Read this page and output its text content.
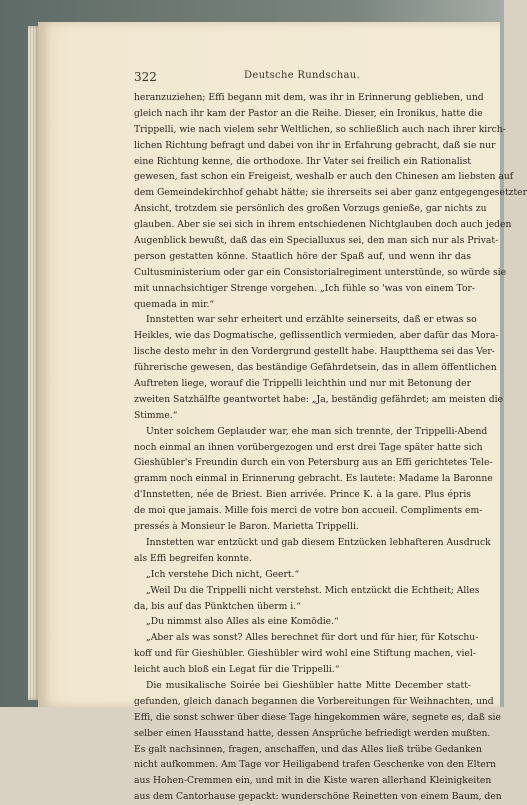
322	Deutsche Rundschau.
heranzuziehen; Effi begann mit dem, was ihr in Erinnerung geblieben, und
gleich nach ihr kam der Pastor an die Reihe. Dieser, ein Ironikus, hatte die
Trippelli, wie nach vielem sehr Weltlichen, so schließlich auch nach ihrer kirch-
lichen Richtung befragt und dabei von ihr in Erfahrung gebracht, daß sie nur
eine Richtung kenne, die orthodoxe. Ihr Vater sei freilich ein Rationalist
gewesen, fast schon ein Freigeist, weshalb er auch den Chinesen am liebsten auf
dem Gemeindekirchhof gehabt hätte; sie ihrerseits sei aber ganz entgegengesetzter
Ansicht, trotzdem sie persönlich des großen Vorzugs genieße, gar nichts zu
glauben. Aber sie sei sich in ihrem entschiedenen Nichtglauben doch auch jeden
Augenblick bewußt, daß das ein Specialluxus sei, den man sich nur als Privat-
person gestatten könne. Staatlich höre der Spaß auf, und wenn ihr das
Cultusministerium oder gar ein Consistorialregiment unterstünde, so würde sie
mit unnachsichtiger Strenge vorgehen. „Ich fühle so 'was von einem Tor-
quemada in mir.“
Innstetten war sehr erheitert und erzählte seinerseits, daß er etwas so
Heikles, wie das Dogmatische, geflissentlich vermieden, aber dafür das Mora-
lische desto mehr in den Vordergrund gestellt habe. Hauptthema sei das Ver-
führerische gewesen, das beständige Gefährdetsein, das in allem öffentlichen
Auftreten liege, worauf die Trippelli leichthin und nur mit Betonung der
zweiten Satzhälfte geantwortet habe: „Ja, beständig gefährdet; am meisten die
Stimme.“
Unter solchem Geplauder war, ehe man sich trennte, der Trippelli-Abend
noch einmal an ihnen vorübergezogen und erst drei Tage später hatte sich
Gieshübler's Freundin durch ein von Petersburg aus an Effi gerichtetes Tele-
gramm noch einmal in Erinnerung gebracht. Es lautete: Madame la Baronne
d'Innstetten, née de Briest. Bien arrivée. Prince K. à la gare. Plus épris
de moi que jamais. Mille fois merci de votre bon accueil. Compliments em-
pressés à Monsieur le Baron. Marietta Trippelli.
Innstetten war entzückt und gab diesem Entzücken lebhafteren Ausdruck
als Effi begreifen konnte.
„Ich verstehe Dich nicht, Geert.“
„Weil Du die Trippelli nicht verstehst. Mich entzückt die Echtheit; Alles
da, bis auf das Pünktchen überm i.“
„Du nimmst also Alles als eine Komödie.“
„Aber als was sonst? Alles berechnet für dort und für hier, für Kotschu-
koff und für Gieshübler. Gieshübler wird wohl eine Stiftung machen, viel-
leicht auch bloß ein Legat für die Trippelli.“
Die musikalische Soirée bei Gieshübler hatte Mitte December statt-
gefunden, gleich danach begannen die Vorbereitungen für Weihnachten, und
Effi, die sonst schwer über diese Tage hingekommen wäre, segnete es, daß sie
selber einen Hausstand hatte, dessen Ansprüche befriedigt werden mußten.
Es galt nachsinnen, fragen, anschaffen, und das Alles ließ trübe Gedanken
nicht aufkommen. Am Tage vor Heiligabend trafen Geschenke von den Eltern
aus Hohen-Cremmen ein, und mit in die Kiste waren allerhand Kleinigkeiten
aus dem Cantorhause gepackt: wunderschöne Reinetten von einem Baum, den
